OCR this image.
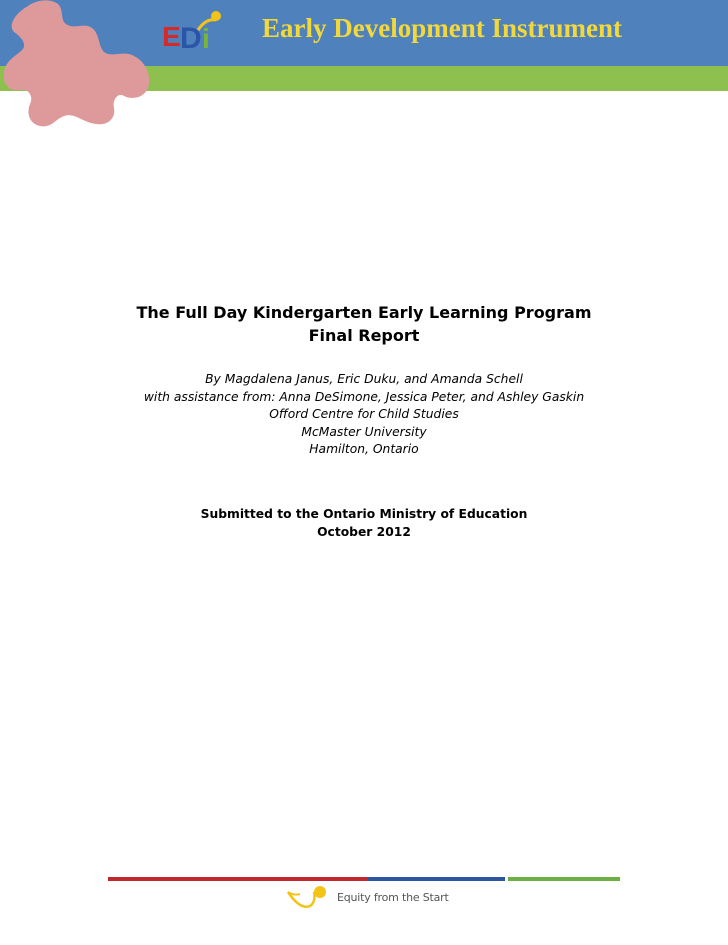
E D i Early Development Instrument
The Full Day Kindergarten Early Learning Program
Final Report
By Magdalena Janus, Eric Duku, and Amanda Schell
with assistance from: Anna DeSimone, Jessica Peter, and Ashley Gaskin
Offord Centre for Child Studies
McMaster University
Hamilton, Ontario
Submitted to the Ontario Ministry of Education
October 2012
Equity from the Start
